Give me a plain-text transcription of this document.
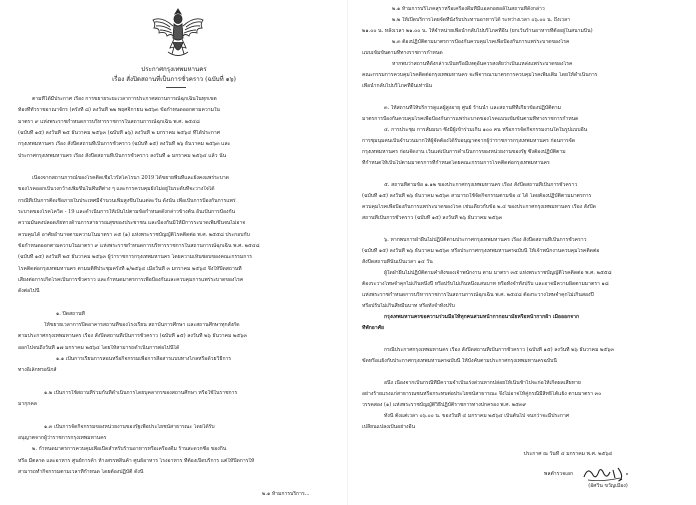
ประกาศกรุงเทพมหานคร
เรื่อง สั่งปิดสถานที่เป็นการชั่วคราว (ฉบับที่ ๑๖)
ตามที่ได้มีประกาศ เรื่อง การขยายระยะเวลาการประกาศสถานการณ์ฉุกเฉินในทุกเขต
ท้องที่ทั่วราชอาณาจักร (ครั้งที่ ๘) ลงวันที่ ๒๒ พฤศจิกายน ๒๕๖๓ ข้อกำหนดออกตามความใน
มาตรา ๙ แห่งพระราชกำหนดการบริหารราชการในสถานการณ์ฉุกเฉิน พ.ศ. ๒๕๔๘
(ฉบับที่ ๑๕) ลงวันที่ ๒๕ ธันวาคม ๒๕๖๓ (ฉบับที่ ๑๖) ลงวันที่ ๒ มกราคม ๒๕๖๔ ที่ได้ประกาศ
กรุงเทพมหานคร เรื่อง สั่งปิดสถานที่เป็นการชั่วคราว (ฉบับที่ ๑๕) ลงวันที่ ๒๖ ธันวาคม ๒๕๖๓ และ
ประกาศกรุงเทพมหานคร เรื่อง สั่งปิดสถานที่เป็นการชั่วคราว ลงวันที่ ๑ มกราคม ๒๕๖๔ แล้ว นั้น
เนื่องจากสถานการณ์ของโรคติดเชื้อไวรัสโคโรนา 2019 ได้ขยายพื้นที่และยังคงแพร่ระบาด
ของโรคออกเป็นวงกว้างเพิ่มขึ้นในพื้นที่ต่าง ๆ และการควบคุมยังไม่อยู่ในระดับที่จะวางใจได้
กรณีที่เป็นการติดเชื้อภายในประเทศมีจำนวนเพิ่มสูงขึ้นในแต่ละวัน ดังนั้น เพื่อเป็นการป้องกันการแพร่
ระบาดของโรคโควิด - 19 และดำเนินการให้เป็นไปตามข้อกำหนดดังกล่าวข้างต้น อันเป็นการป้องกัน
ความมั่นคงปลอดภัยทางด้านการสาธารณสุขของประชาชน และป้องกันมิให้มีการระบาดเพิ่มขึ้นจนไม่อาจ
ควบคุมได้ อาศัยอำนาจตามความในมาตรา ๓๕ (๑) แห่งพระราชบัญญัติโรคติดต่อ พ.ศ. ๒๕๕๘ ประกอบกับ
ข้อกำหนดออกตามความในมาตรา ๙ แห่งพระราชกำหนดการบริหารราชการในสถานการณ์ฉุกเฉิน พ.ศ. ๒๕๔๘
(ฉบับที่ ๑๕) ลงวันที่ ๒๕ ธันวาคม ๒๕๖๓ ผู้ว่าราชการกรุงเทพมหานคร โดยความเห็นชอบของคณะกรรมการ
โรคติดต่อกรุงเทพมหานคร ตามมติที่ประชุมครั้งที่ ๑/๒๕๖๔ เมื่อวันที่ ๓ มกราคม ๒๕๖๔ จึงให้ปิดสถานที่
เสี่ยงต่อการเกิดโรคเป็นการชั่วคราว และกำหนดมาตรการเพื่อป้องกันและควบคุมการแพร่ระบาดของโรค
ดังต่อไปนี้
๑. ปิดสถานที่
ให้ขยายเวลาการปิดอาคารสถานที่ของโรงเรียน สถาบันการศึกษา และสถานศึกษาทุกสังกัด
ตามประกาศกรุงเทพมหานคร เรื่อง สั่งปิดสถานที่เป็นการชั่วคราว (ฉบับที่ ๑๕) ลงวันที่ ๒๖ ธันวาคม ๒๕๖๓
ออกไปจนถึงวันที่ ๑๗ มกราคม ๒๕๖๔ โดยให้สามารถดำเนินการต่อไปนี้ได้
๑.๑ เป็นการเรียนการสอนหรือกิจกรรมเพื่อการสื่อสารแบบทางไกลหรือด้วยวิธีการ
ทางอิเล็กทรอนิกส์
๑.๒ เป็นการใช้สถานที่ร่วมกันที่ดำเนินการโดยบุคลากรของสถานศึกษา หรือใช้ในราชการ
มากุกคล
๑.๓ เป็นการจัดกิจกรรมของหน่วยงานของรัฐเพื่อประโยชน์สาธารณะ โดยได้รับ
อนุญาตจากผู้ว่าราชการกรุงเทพมหานคร
๒. กำหนดมาตรการควบคุมเพื่อเปิดสำหรับร้านอาหารหรือเครื่องดื่ม ร้านสะดวกซื้อ ของกิน
หรือ มีตลาด และอาหาร ศูนย์การค้า ห้างสรรพสินค้า ศูนย์อาหาร โรงอาหาร ที่ต้องเปิดบริการ แต่ให้ปิดการให้
สามารถทำกิจกรรมตามเวลาที่กำหนด โดยต้องปฏิบัติ ดังนี้
๒.๑ ห้ามการบริการ...
๒.๑ ห้ามการบริโภคสุราหรือเครื่องดื่มที่มีแอลกอฮอล์ในสถานที่ดังกล่าว
๒.๒ ให้เปิดบริการโดยจัดที่นั่งรับประทานอาหารได้ ระหว่างเวลา ๐๖.๐๐ น. ถึงเวลา
๒๑.๐๐ น. หลังเวลา ๒๑.๐๐ น. ให้จำหน่ายเพื่อนำกลับไปบริโภคที่อื่น (ยกเว้นร้านอาหารที่ตั้งอยู่ในสนามบิน)
๒.๓ ต้องปฏิบัติตามมาตรการป้องกันควบคุมโรคเพื่อป้องกันการแพร่ระบาดของโรค
แบบเข้มข้นตามที่ทางราชการกำหนด
หากพบว่าสถานที่ดังกล่าวเป็นหรือมีเหตุอันควรสงสัยว่าเป็นแหล่งแพร่ระบาดของโรค
คณะกรรมการควบคุมโรคติดต่อกรุงเทพมหานคร จะพิจารณามาตรการควบคุมโรคเพิ่มเติม โดยให้ดำเนินการ
เพื่อนำกลับไปบริโภคที่อื่นเท่านั้น
๓. ให้สถานที่ให้บริการดูแลผู้สูงอายุ ศูนย์ ร้านน้ำ และสถานที่ที่เกี่ยวข้องปฏิบัติตาม
มาตรการป้องกันควบคุมโรคเพื่อป้องกันการแพร่ระบาดของโรคแบบเข้มข้นตามที่ทางราชการกำหนด
๔. การประชุม การสัมมนา ซึ่งมีผู้เข้าร่วมเกิน ๑๐๐ คน หรือการจัดกิจกรรมงานใดในรูปแบบอื่น
การชุมนุมคนเป็นจำนวนมากให้ผู้จัดต้องได้รับอนุญาตจากผู้ว่าราชการกรุงเทพมหานคร ก่อนการจัด
กรุงเทพมหานคร ก่อนจัดงาน เว้นแต่เป็นการดำเนินการของหน่วยงานของรัฐ ซึ่งต้องปฏิบัติตาม
ที่กำหนดให้เป็นไปตามมาตรการที่กำหนดโดยคณะกรรมการโรคติดต่อกรุงเทพมหานคร
๕. สถานที่ตามข้อ ๑.๑๒ ของประกาศกรุงเทพมหานคร เรื่อง สั่งปิดสถานที่เป็นการชั่วคราว
(ฉบับที่ ๑๕) ลงวันที่ ๒๖ ธันวาคม ๒๕๖๓ สามารถใช้จัดกิจกรรมตามข้อ ๔ ได้ โดยต้องปฏิบัติตามมาตรการ
ควบคุมโรคเพื่อป้องกันการแพร่ระบาดของโรค เช่นเดียวกับข้อ ๒.๔ ของประกาศกรุงเทพมหานคร เรื่อง สั่งปิด
สถานที่เป็นการชั่วคราว (ฉบับที่ ๑๕) ลงวันที่ ๒๖ ธันวาคม ๒๕๖๓
๖. หากพบการฝ่าฝืนไม่ปฏิบัติตามประกาศกรุงเทพมหานคร เรื่อง สั่งปิดสถานที่เป็นการชั่วคราว
(ฉบับที่ ๑๕) ลงวันที่ ๒๖ ธันวาคม ๒๕๖๓ หรือประกาศกรุงเทพมหานครฉบับนี้ ให้เจ้าพนักงานควบคุมโรคติดต่อ
สั่งปิดสถานที่นั้นเป็นเวลา ๑๔ วัน
ผู้ใดฝ่าฝืนไม่ปฏิบัติตามคำสั่งของเจ้าพนักงาน ตาม มาตรา ๓๕ แห่งพระราชบัญญัติโรคติดต่อ พ.ศ. ๒๕๕๘
ต้องระวางโทษจำคุกไม่เกินหนึ่งปี หรือปรับไม่เกินหนึ่งแสนบาท หรือทั้งจำทั้งปรับ และอาจมีความผิดตามมาตรา ๑๘
แห่งพระราชกำหนดการบริหารราชการในสถานการณ์ฉุกเฉิน พ.ศ. ๒๕๔๘ ต้องระวางโทษจำคุกไม่เกินสองปี
หรือปรับไม่เกินสี่หมื่นบาท หรือทั้งจำทั้งปรับ
กรุงเทพมหานครขอความร่วมมือให้ทุกคนสวมหน้ากากอนามัยหรือหน้ากากผ้า เมื่อออกจาก
ที่พักอาศัย
กรณีประกาศกรุงเทพมหานคร เรื่อง สั่งปิดสถานที่เป็นการชั่วคราว (ฉบับที่ ๑๕) ลงวันที่ ๒๖ ธันวาคม ๒๕๖๓
ขัดหรือแย้งกับประกาศกรุงเทพมหานครฉบับนี้ ให้บังคับตามประกาศกรุงเทพมหานครฉบับนี้
อนึ่ง เนื่องจากเป็นกรณีที่มีความจำเป็นเร่งด่วนหากปล่อยให้เนิ่นช้าไปจะก่อให้เกิดผลเสียหาย
อย่างร้ายแรงแก่สาธารณชนหรือกระทบต่อประโยชน์สาธารณะ จึงไม่อาจให้คู่กรณีมีสิทธิโต้แย้ง ตามมาตรา ๓๐
วรรคสอง (๑) แห่งพระราชบัญญัติวิธีปฏิบัติราชการทางปกครอง พ.ศ. ๒๕๓๙
ทั้งนี้ ตั้งแต่เวลา ๐๖.๐๐ น. ของวันที่ ๔ มกราคม ๒๕๖๔ เป็นต้นไป จนกว่าจะมีประกาศ
เปลี่ยนแปลงเป็นอย่างอื่น
ประกาศ ณ วันที่ ๔ มกราคม พ.ศ. ๒๕๖๔
พลตำรวจเอก
(อัศวิน ขวัญเมือง)
